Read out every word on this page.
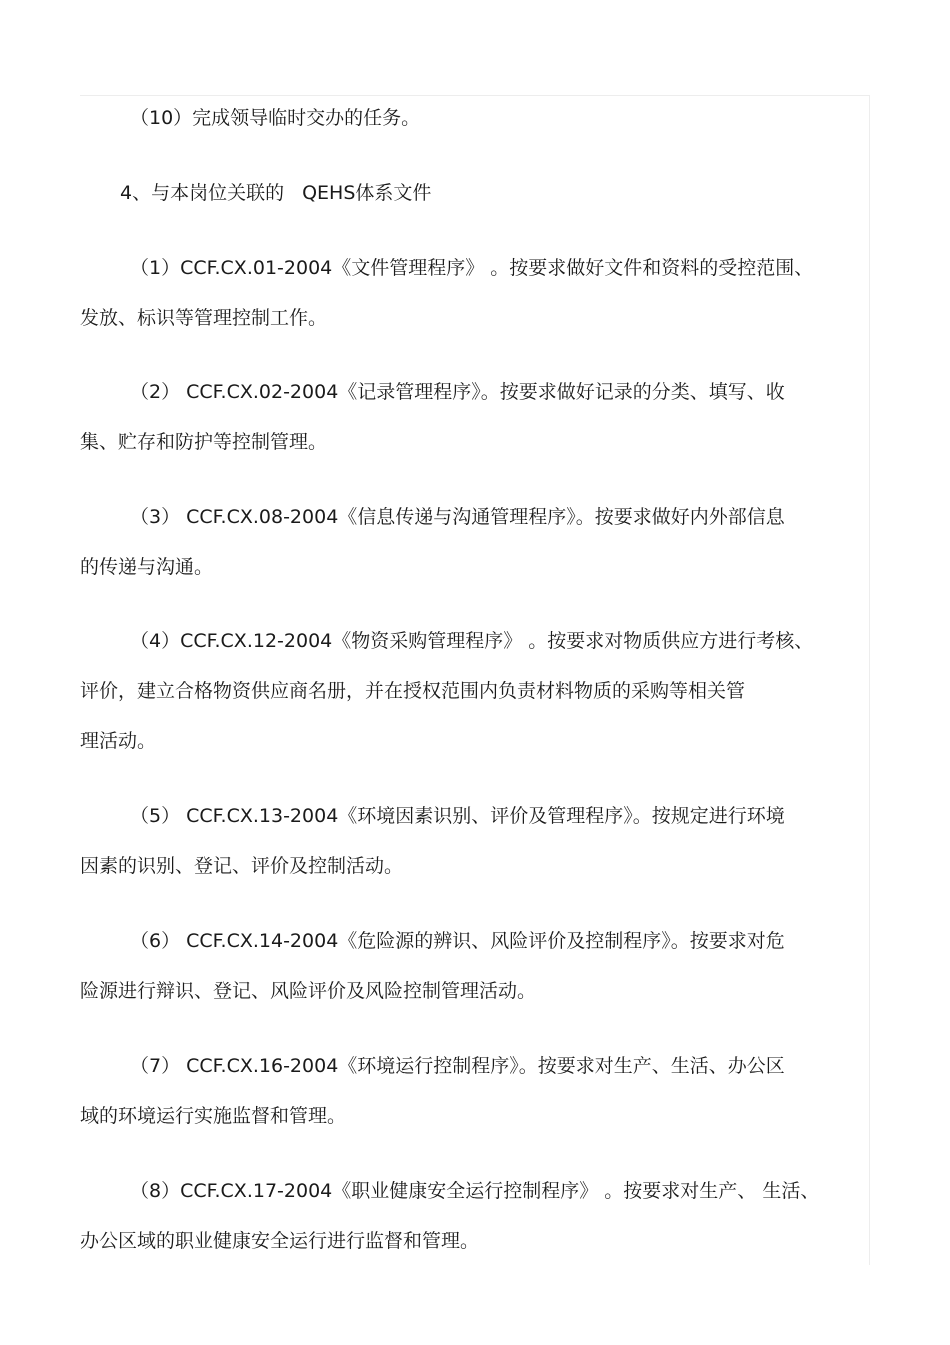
（10）完成领导临时交办的任务。

4、与本岗位关联的 QEHS体系文件

（1）CCF.CX.01-2004《文件管理程序》 。按要求做好文件和资料的受控范围、
发放、标识等管理控制工作。

（2） CCF.CX.02-2004《记录管理程序》。按要求做好记录的分类、填写、收
集、贮存和防护等控制管理。

（3） CCF.CX.08-2004《信息传递与沟通管理程序》。按要求做好内外部信息
的传递与沟通。

（4）CCF.CX.12-2004《物资采购管理程序》 。按要求对物质供应方进行考核、
评价，建立合格物资供应商名册，并在授权范围内负责材料物质的采购等相关管
理活动。

（5） CCF.CX.13-2004《环境因素识别、评价及管理程序》。按规定进行环境
因素的识别、登记、评价及控制活动。

（6） CCF.CX.14-2004《危险源的辨识、风险评价及控制程序》。按要求对危
险源进行辩识、登记、风险评价及风险控制管理活动。

（7） CCF.CX.16-2004《环境运行控制程序》。按要求对生产、生活、办公区
域的环境运行实施监督和管理。

（8）CCF.CX.17-2004《职业健康安全运行控制程序》 。按要求对生产、 生活、
办公区域的职业健康安全运行进行监督和管理。
